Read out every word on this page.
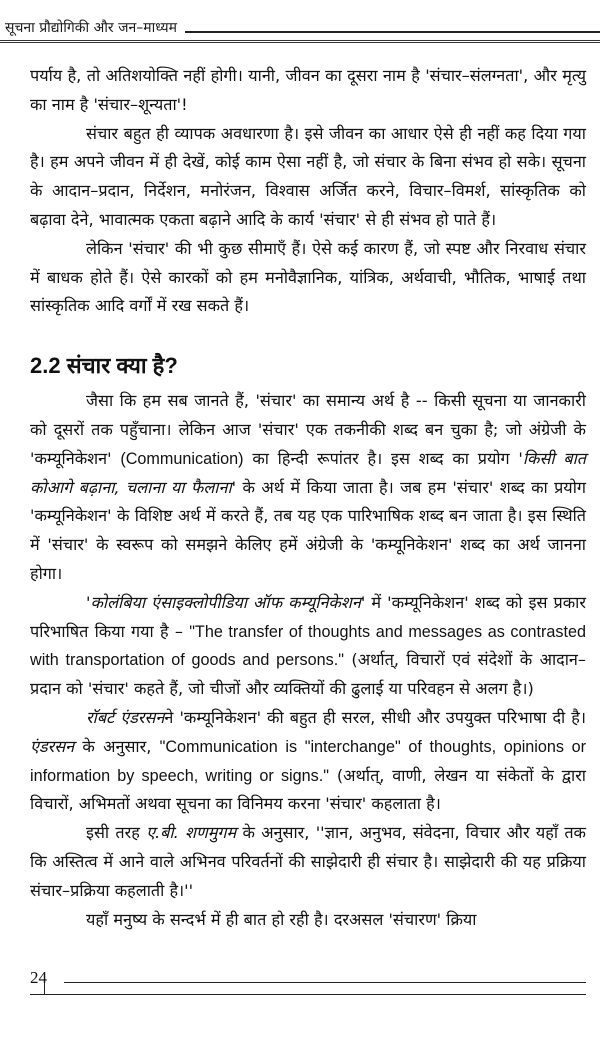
सूचना प्रौद्योगिकी और जन–माध्यम

पर्याय है, तो अतिशयोक्ति नहीं होगी। यानी, जीवन का दूसरा नाम है 'संचार–संलग्नता', और मृत्यु का नाम है 'संचार–शून्यता'!

संचार बहुत ही व्यापक अवधारणा है। इसे जीवन का आधार ऐसे ही नहीं कह दिया गया है। हम अपने जीवन में ही देखें, कोई काम ऐसा नहीं है, जो संचार के बिना संभव हो सके। सूचना के आदान–प्रदान, निर्देशन, मनोरंजन, विश्वास अर्जित करने, विचार–विमर्श, सांस्कृतिक को बढ़ावा देने, भावात्मक एकता बढ़ाने आदि के कार्य 'संचार' से ही संभव हो पाते हैं।

लेकिन 'संचार' की भी कुछ सीमाएँ हैं। ऐसे कई कारण हैं, जो स्पष्ट और निरवाध संचार में बाधक होते हैं। ऐसे कारकों को हम मनोवैज्ञानिक, यांत्रिक, अर्थवाची, भौतिक, भाषाई तथा सांस्कृतिक आदि वर्गों में रख सकते हैं।

2.2 संचार क्या है?

जैसा कि हम सब जानते हैं, 'संचार' का समान्य अर्थ है -- किसी सूचना या जानकारी को दूसरों तक पहुँचाना। लेकिन आज 'संचार' एक तकनीकी शब्द बन चुका है; जो अंग्रेजी के 'कम्यूनिकेशन' (Communication) का हिन्दी रूपांतर है। इस शब्द का प्रयोग 'किसी बात कोआगे बढ़ाना, चलाना या फैलाना' के अर्थ में किया जाता है। जब हम 'संचार' शब्द का प्रयोग 'कम्यूनिकेशन' के विशिष्ट अर्थ में करते हैं, तब यह एक पारिभाषिक शब्द बन जाता है। इस स्थिति में 'संचार' के स्वरूप को समझने केलिए हमें अंग्रेजी के 'कम्यूनिकेशन' शब्द का अर्थ जानना होगा।

'कोलंबिया एंसाइक्लोपीडिया ऑफ कम्यूनिकेशन' में 'कम्यूनिकेशन' शब्द को इस प्रकार परिभाषित किया गया है – "The transfer of thoughts and messages as contrasted with transportation of goods and persons." (अर्थात्, विचारों एवं संदेशों के आदान–प्रदान को 'संचार' कहते हैं, जो चीजों और व्यक्तियों की ढुलाई या परिवहन से अलग है।)

रॉबर्ट एंडरसनने 'कम्यूनिकेशन' की बहुत ही सरल, सीधी और उपयुक्त परिभाषा दी है। एंडरसन के अनुसार, "Communication is "interchange" of thoughts, opinions or information by speech, writing or signs." (अर्थात्, वाणी, लेखन या संकेतों के द्वारा विचारों, अभिमतों अथवा सूचना का विनिमय करना 'संचार' कहलाता है।

इसी तरह ए.बी. शणमुगम के अनुसार, ''ज्ञान, अनुभव, संवेदना, विचार और यहाँ तक कि अस्तित्व में आने वाले अभिनव परिवर्तनों की साझेदारी ही संचार है। साझेदारी की यह प्रक्रिया संचार–प्रक्रिया कहलाती है।''

यहाँ मनुष्य के सन्दर्भ में ही बात हो रही है। दरअसल 'संचारण' क्रिया

24
